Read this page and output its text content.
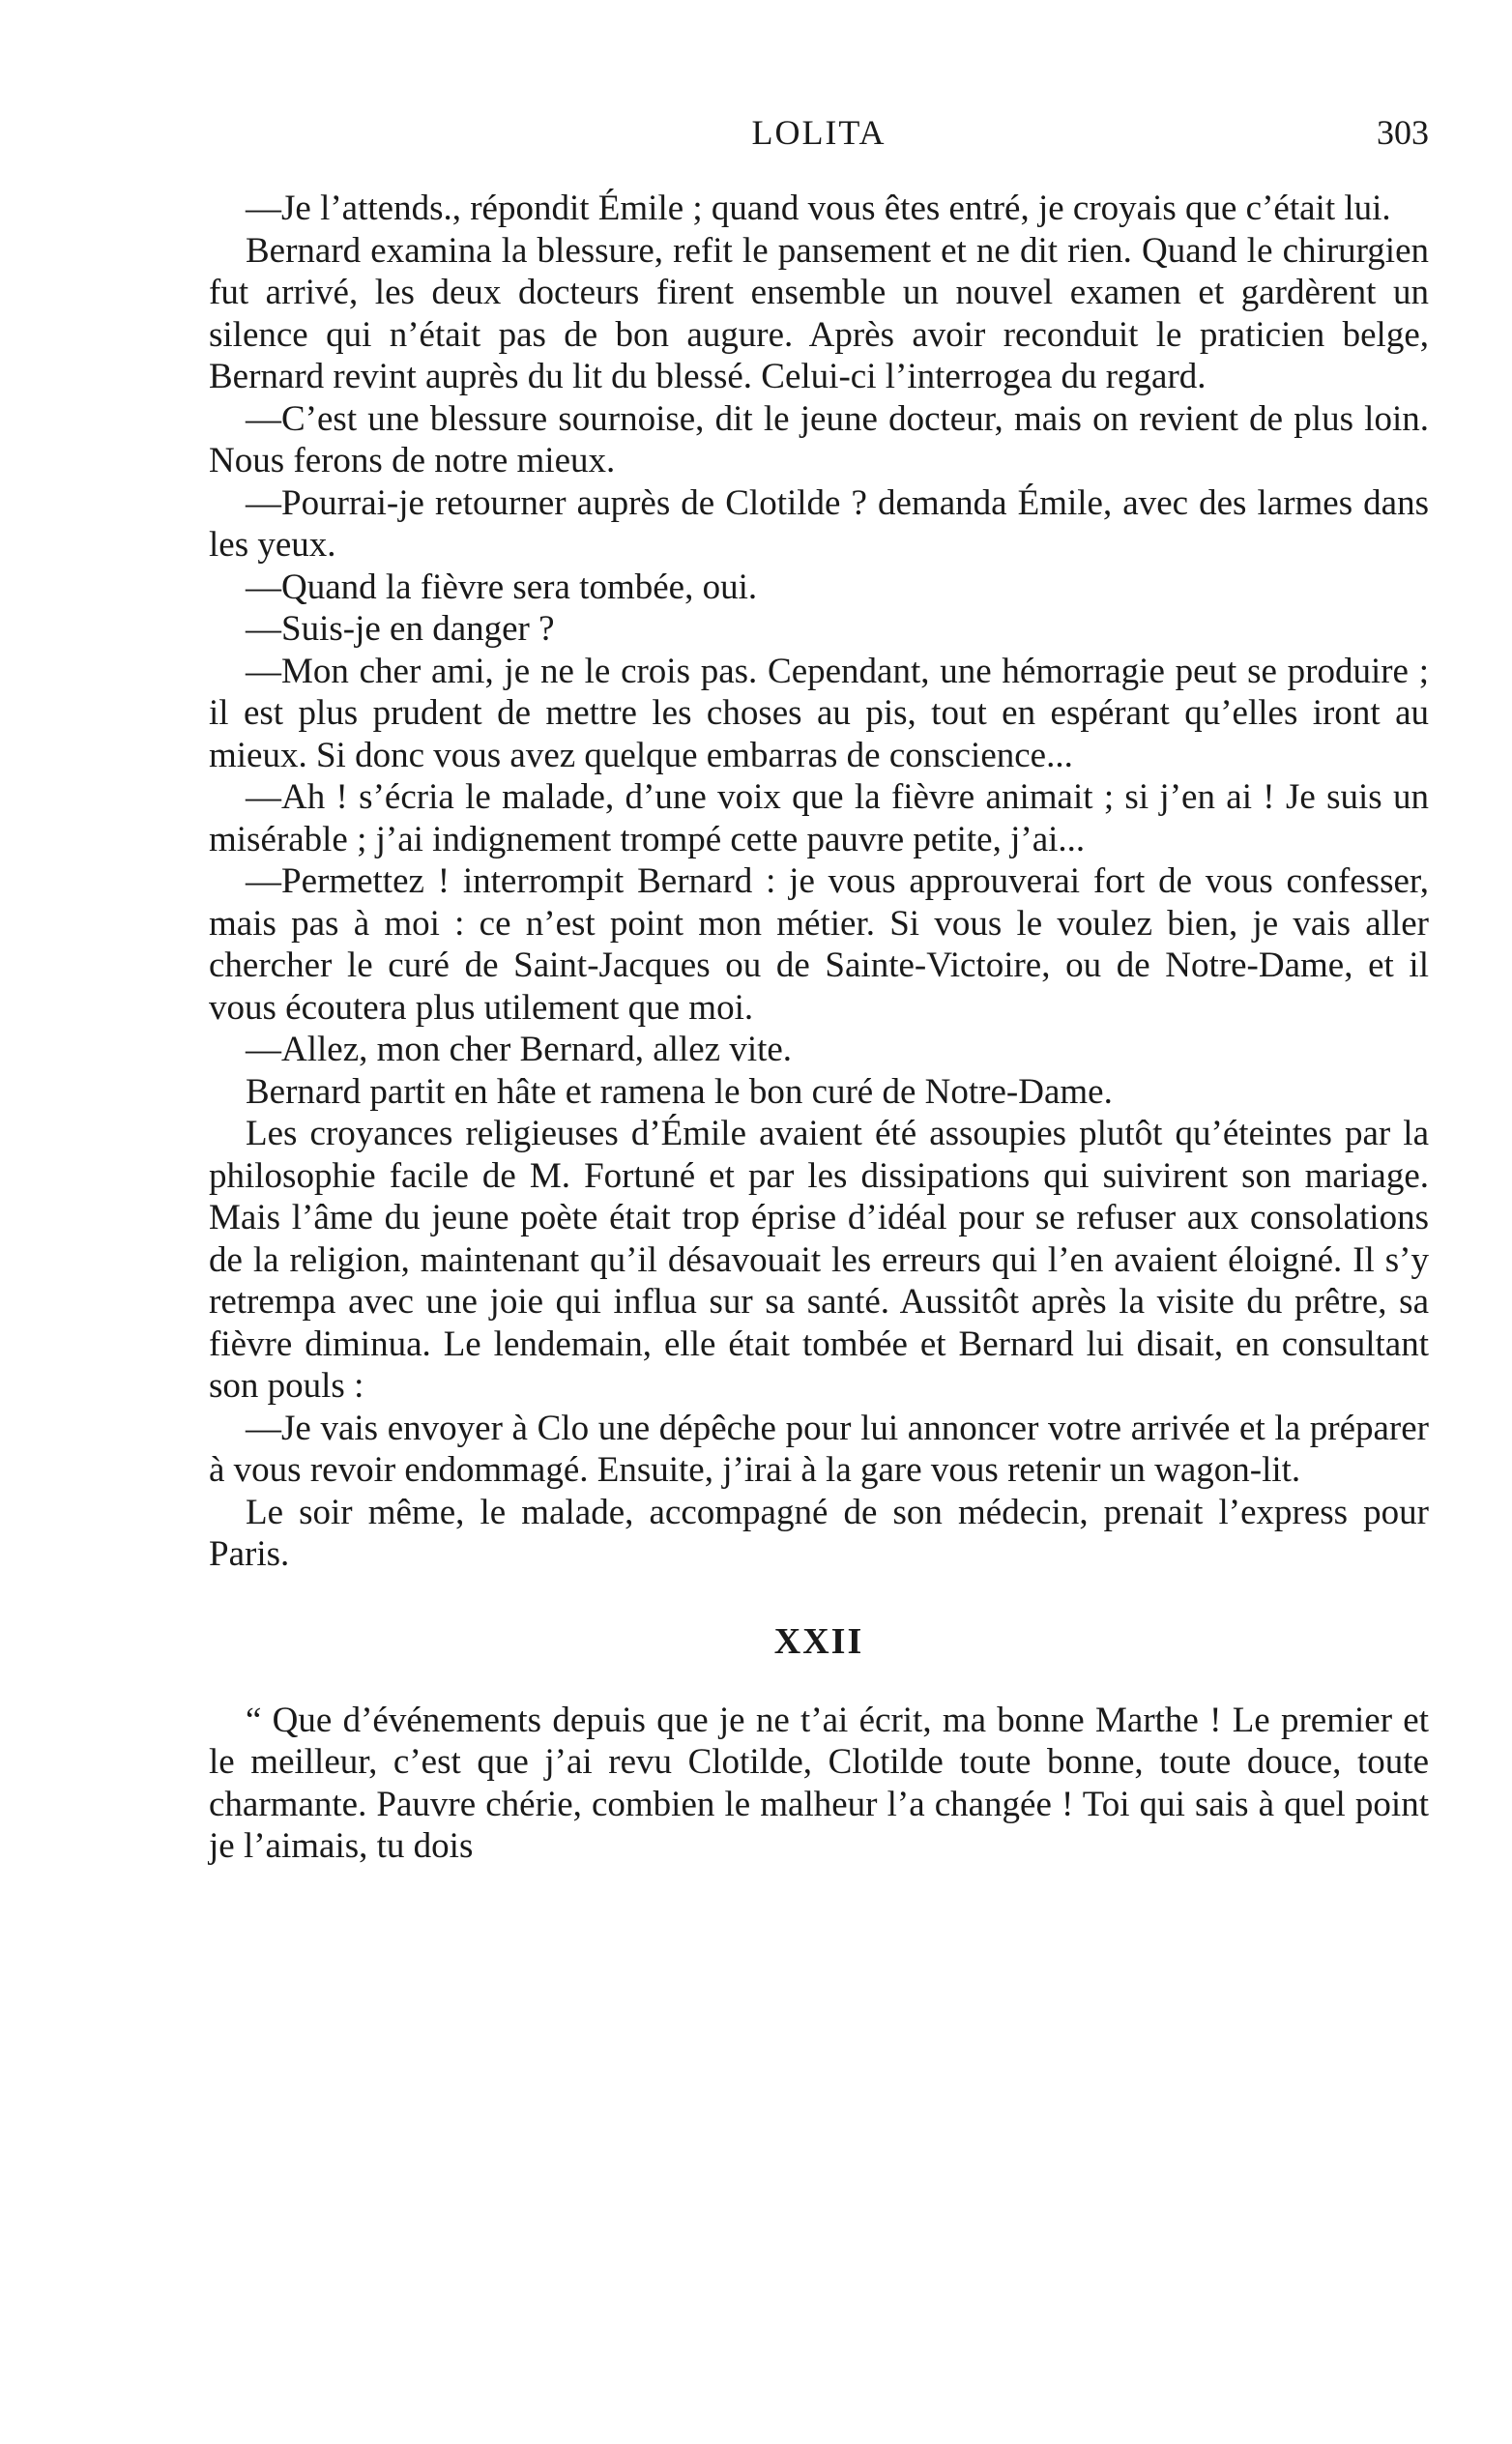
LOLITA	303

—Je l’attends., répondit Émile ; quand vous êtes entré, je croyais que c’était lui.

Bernard examina la blessure, refit le pansement et ne dit rien. Quand le chirurgien fut arrivé, les deux docteurs firent ensemble un nouvel examen et gardèrent un silence qui n’était pas de bon augure. Après avoir reconduit le praticien belge, Bernard revint auprès du lit du blessé. Celui-ci l’interrogea du regard.

—C’est une blessure sournoise, dit le jeune docteur, mais on revient de plus loin. Nous ferons de notre mieux.

—Pourrai-je retourner auprès de Clotilde ? demanda Émile, avec des larmes dans les yeux.

—Quand la fièvre sera tombée, oui.

—Suis-je en danger ?

—Mon cher ami, je ne le crois pas. Cependant, une hémorragie peut se produire ; il est plus prudent de mettre les choses au pis, tout en espérant qu’elles iront au mieux. Si donc vous avez quelque embarras de conscience...

—Ah ! s’écria le malade, d’une voix que la fièvre animait ; si j’en ai ! Je suis un misérable ; j’ai indignement trompé cette pauvre petite, j’ai...

—Permettez ! interrompit Bernard : je vous approuverai fort de vous confesser, mais pas à moi : ce n’est point mon métier. Si vous le voulez bien, je vais aller chercher le curé de Saint-Jacques ou de Sainte-Victoire, ou de Notre-Dame, et il vous écoutera plus utilement que moi.

—Allez, mon cher Bernard, allez vite.

Bernard partit en hâte et ramena le bon curé de Notre-Dame.

Les croyances religieuses d’Émile avaient été assoupies plutôt qu’éteintes par la philosophie facile de M. Fortuné et par les dissipations qui suivirent son mariage. Mais l’âme du jeune poète était trop éprise d’idéal pour se refuser aux consolations de la religion, maintenant qu’il désavouait les erreurs qui l’en avaient éloigné. Il s’y retrempa avec une joie qui influa sur sa santé. Aussitôt après la visite du prêtre, sa fièvre diminua. Le lendemain, elle était tombée et Bernard lui disait, en consultant son pouls :

—Je vais envoyer à Clo une dépêche pour lui annoncer votre arrivée et la préparer à vous revoir endommagé. Ensuite, j’irai à la gare vous retenir un wagon-lit.

Le soir même, le malade, accompagné de son médecin, prenait l’express pour Paris.

XXII

“ Que d’événements depuis que je ne t’ai écrit, ma bonne Marthe ! Le premier et le meilleur, c’est que j’ai revu Clotilde, Clotilde toute bonne, toute douce, toute charmante. Pauvre chérie, combien le malheur l’a changée ! Toi qui sais à quel point je l’aimais, tu dois
